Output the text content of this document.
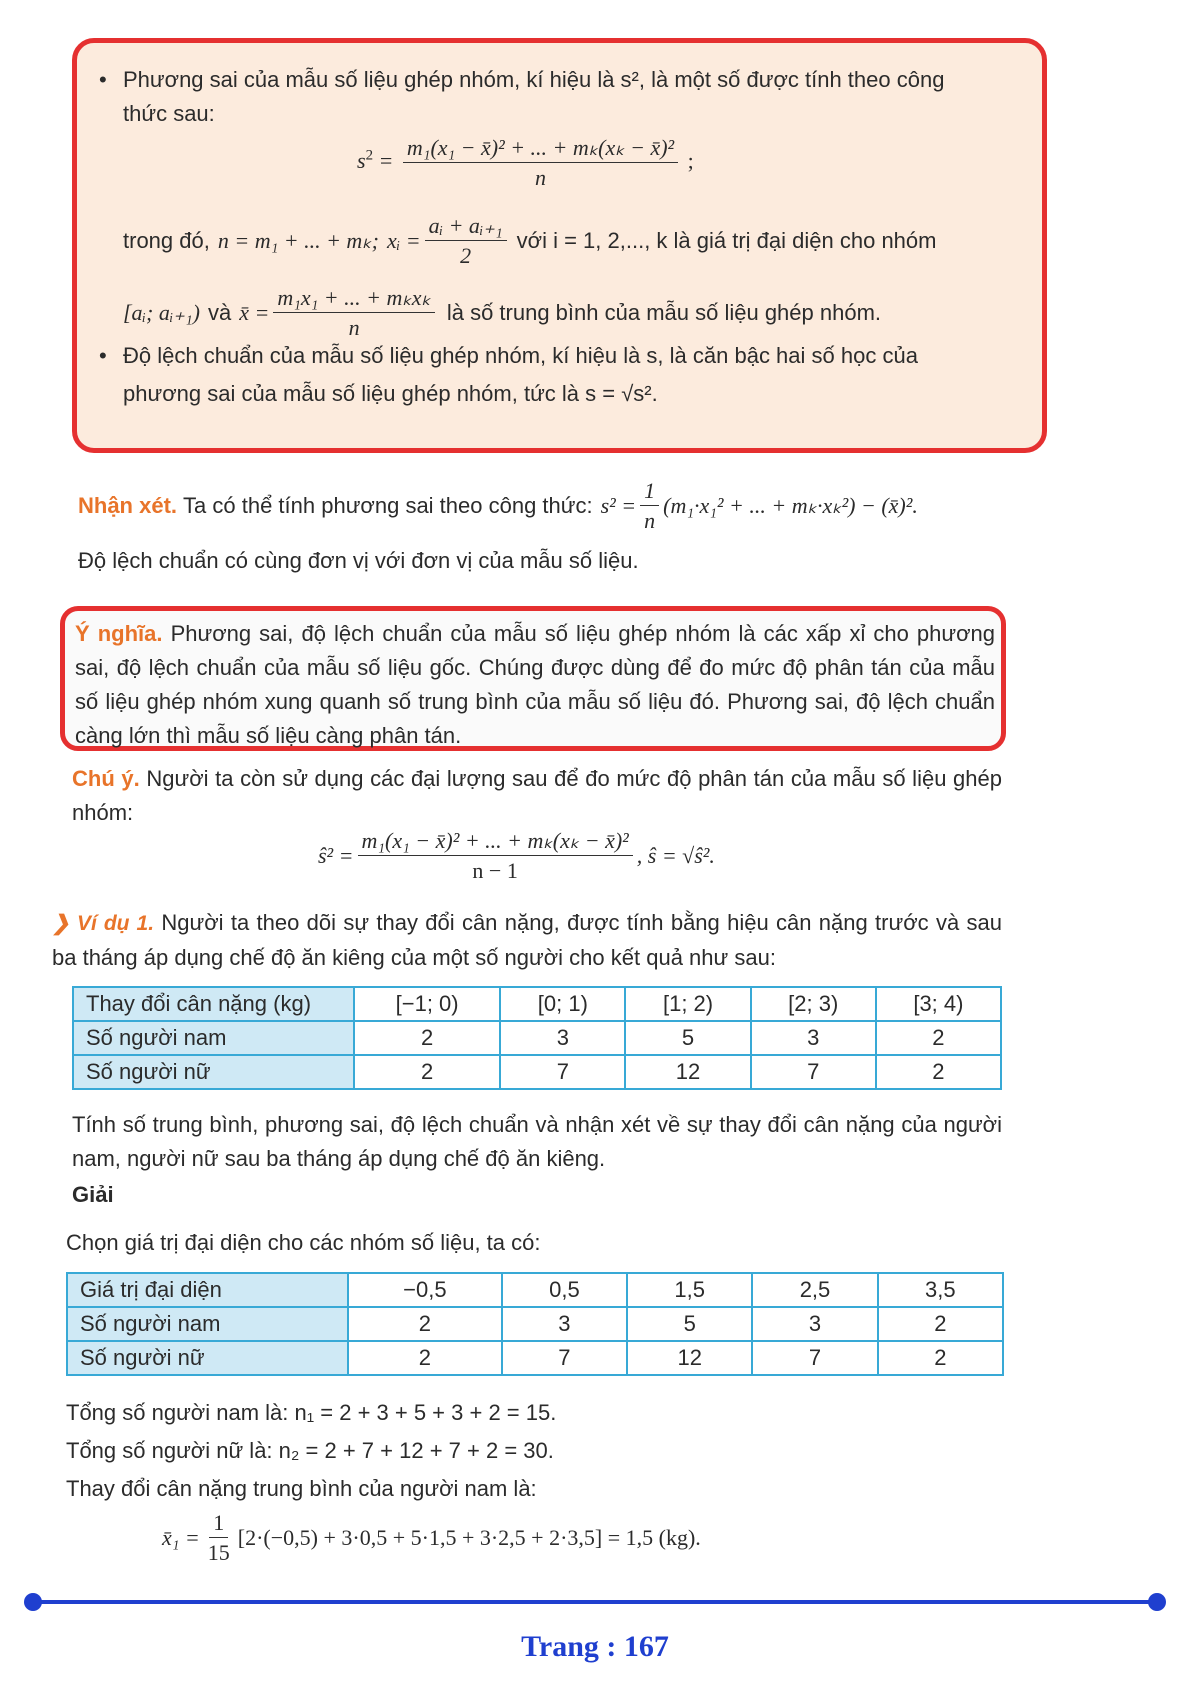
• Phương sai của mẫu số liệu ghép nhóm, kí hiệu là s², là một số được tính theo công
thức sau:
$s^2 = \frac{\text{m₁(x₁ − x̄)² + ... + mₖ(xₖ − x̄)²}}{n}$ ;
trong đó, n = m₁ + ... + mₖ; xᵢ = $\frac{\text{aᵢ + aᵢ₊₁}}{2}$ với i = 1, 2,..., k là giá trị đại diện cho nhóm
[aᵢ; aᵢ₊₁) và x̄ = $\frac{\text{m₁x₁ + ... + mₖxₖ}}{n}$ là số trung bình của mẫu số liệu ghép nhóm.
• Độ lệch chuẩn của mẫu số liệu ghép nhóm, kí hiệu là s, là căn bậc hai số học của
phương sai của mẫu số liệu ghép nhóm, tức là s = √s².
Nhận xét. Ta có thể tính phương sai theo công thức: $s^2 = \frac{1}{n} (m_1\cdot x_1^2$ + ... + mₖ·xₖ²) − (x̄)².
Độ lệch chuẩn có cùng đơn vị với đơn vị của mẫu số liệu.
Ý nghĩa. Phương sai, độ lệch chuẩn của mẫu số liệu ghép nhóm là các xấp xỉ cho phương sai, độ lệch chuẩn của mẫu số liệu gốc. Chúng được dùng để đo mức độ phân tán của mẫu số liệu ghép nhóm xung quanh số trung bình của mẫu số liệu đó. Phương sai, độ lệch chuẩn càng lớn thì mẫu số liệu càng phân tán.
Chú ý. Người ta còn sử dụng các đại lượng sau để đo mức độ phân tán của mẫu số liệu ghép nhóm:
ŝ² = $\frac{\text{m₁(x₁ − x̄)² + ... + mₖ(xₖ − x̄)²}}{n - 1}$ , ŝ = √ŝ².
❯ Ví dụ 1. Người ta theo dõi sự thay đổi cân nặng, được tính bằng hiệu cân nặng trước và sau ba tháng áp dụng chế độ ăn kiêng của một số người cho kết quả như sau:
Thay đổi cân nặng (kg)	[−1; 0)	[0; 1)	[1; 2)	[2; 3)	[3; 4)
Số người nam	2	3	5	3	2
Số người nữ	2	7	12	7	2
Tính số trung bình, phương sai, độ lệch chuẩn và nhận xét về sự thay đổi cân nặng của người nam, người nữ sau ba tháng áp dụng chế độ ăn kiêng.
Giải
Chọn giá trị đại diện cho các nhóm số liệu, ta có:
Giá trị đại diện	−0,5	0,5	1,5	2,5	3,5
Số người nam	2	3	5	3	2
Số người nữ	2	7	12	7	2
Tổng số người nam là: n₁ = 2 + 3 + 5 + 3 + 2 = 15.
Tổng số người nữ là: n₂ = 2 + 7 + 12 + 7 + 2 = 30.
Thay đổi cân nặng trung bình của người nam là:
x̄₁ = $\frac{1}{15} [2\cdot(-0,5) + 3\cdot 0,5 + 5\cdot 1,5 + 3\cdot 2,5 + 2\cdot 3,5] = 1,5$ (kg).
Trang : 167
